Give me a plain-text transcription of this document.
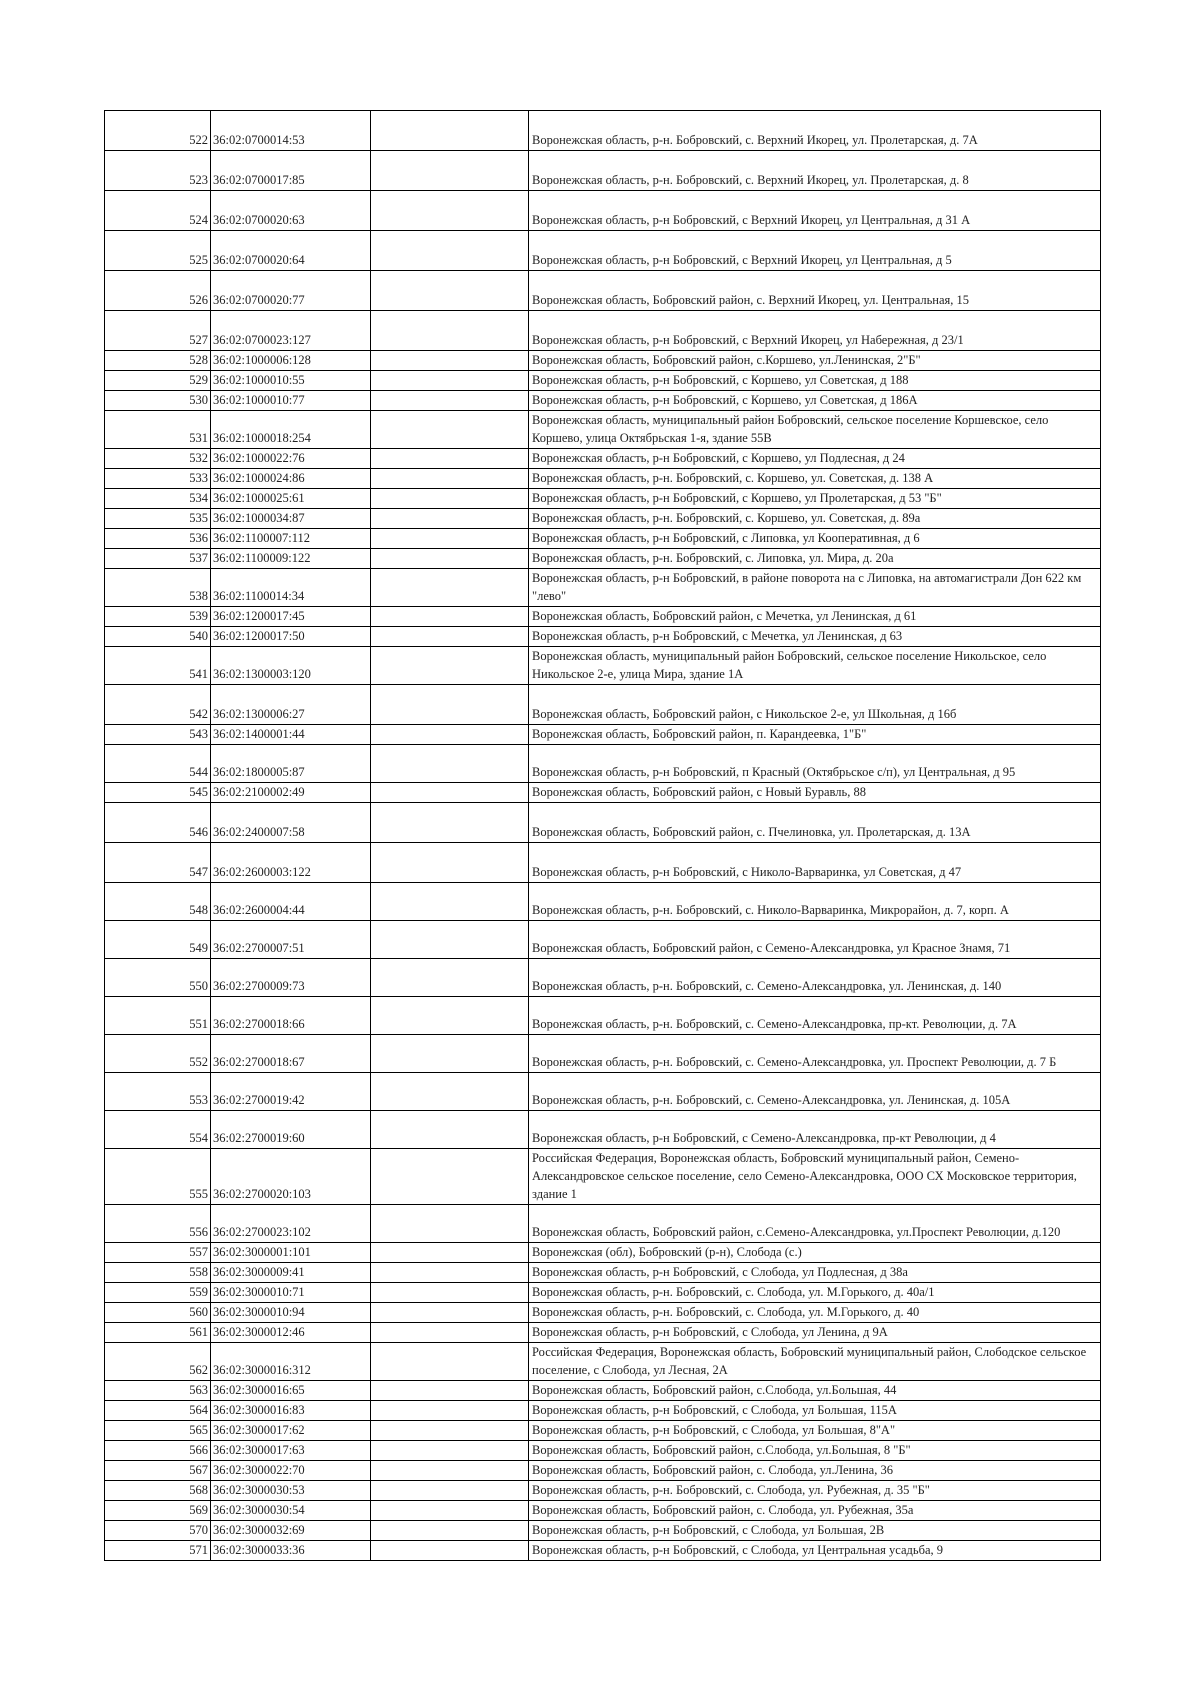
522	36:02:0700014:53		Воронежская область, р-н. Бобровский, с. Верхний Икорец, ул. Пролетарская, д. 7А
523	36:02:0700017:85		Воронежская область, р-н. Бобровский, с. Верхний Икорец, ул. Пролетарская, д. 8
524	36:02:0700020:63		Воронежская область, р-н Бобровский, с Верхний Икорец, ул Центральная, д 31 А
525	36:02:0700020:64		Воронежская область, р-н Бобровский, с Верхний Икорец, ул Центральная, д 5
526	36:02:0700020:77		Воронежская область, Бобровский район, с. Верхний Икорец, ул. Центральная, 15
527	36:02:0700023:127		Воронежская область, р-н Бобровский, с Верхний Икорец, ул Набережная, д 23/1
528	36:02:1000006:128		Воронежская область, Бобровский район, с.Коршево, ул.Ленинская, 2"Б"
529	36:02:1000010:55		Воронежская область, р-н Бобровский, с Коршево, ул Советская, д 188
530	36:02:1000010:77		Воронежская область, р-н Бобровский, с Коршево, ул Советская, д 186А
531	36:02:1000018:254		Воронежская область, муниципальный район Бобровский, сельское поселение Коршевское, село Коршево, улица Октябрьская 1-я, здание 55В
532	36:02:1000022:76		Воронежская область, р-н Бобровский, с Коршево, ул Подлесная, д 24
533	36:02:1000024:86		Воронежская область, р-н. Бобровский, с. Коршево, ул. Советская, д. 138 А
534	36:02:1000025:61		Воронежская область, р-н Бобровский, с Коршево, ул Пролетарская, д 53 "Б"
535	36:02:1000034:87		Воронежская область, р-н. Бобровский, с. Коршево, ул. Советская, д. 89а
536	36:02:1100007:112		Воронежская область, р-н Бобровский, с Липовка, ул Кооперативная, д 6
537	36:02:1100009:122		Воронежская область, р-н. Бобровский, с. Липовка, ул. Мира, д. 20а
538	36:02:1100014:34		Воронежская область, р-н Бобровский, в районе поворота на с Липовка, на автомагистрали Дон 622 км "лево"
539	36:02:1200017:45		Воронежская область, Бобровский район, с Мечетка, ул Ленинская, д 61
540	36:02:1200017:50		Воронежская область, р-н Бобровский, с Мечетка, ул Ленинская, д 63
541	36:02:1300003:120		Воронежская область, муниципальный район Бобровский, сельское поселение Никольское, село Никольское 2-е, улица Мира, здание 1А
542	36:02:1300006:27		Воронежская область, Бобровский район, с Никольское 2-е, ул Школьная, д 16б
543	36:02:1400001:44		Воронежская область, Бобровский район, п. Карандеевка, 1"Б"
544	36:02:1800005:87		Воронежская область, р-н Бобровский, п Красный (Октябрьское с/п), ул Центральная, д 95
545	36:02:2100002:49		Воронежская область, Бобровский район, с Новый Буравль, 88
546	36:02:2400007:58		Воронежская область, Бобровский район, с. Пчелиновка, ул. Пролетарская, д. 13А
547	36:02:2600003:122		Воронежская область, р-н Бобровский, с Николо-Варваринка, ул Советская, д 47
548	36:02:2600004:44		Воронежская область, р-н. Бобровский, с. Николо-Варваринка, Микрорайон, д. 7, корп. А
549	36:02:2700007:51		Воронежская область, Бобровский район, с Семено-Александровка, ул Красное Знамя, 71
550	36:02:2700009:73		Воронежская область, р-н. Бобровский, с. Семено-Александровка, ул. Ленинская, д. 140
551	36:02:2700018:66		Воронежская область, р-н. Бобровский, с. Семено-Александровка, пр-кт. Революции, д. 7А
552	36:02:2700018:67		Воронежская область, р-н. Бобровский, с. Семено-Александровка, ул. Проспект Революции, д. 7 Б
553	36:02:2700019:42		Воронежская область, р-н. Бобровский, с. Семено-Александровка, ул. Ленинская, д. 105А
554	36:02:2700019:60		Воронежская область, р-н Бобровский, с Семено-Александровка, пр-кт Революции, д 4
555	36:02:2700020:103		Российская Федерация, Воронежская область, Бобровский муниципальный район, Семено-Александровское сельское поселение, село Семено-Александровка, ООО СХ Московское территория, здание 1
556	36:02:2700023:102		Воронежская область, Бобровский район, с.Семено-Александровка, ул.Проспект Революции, д.120
557	36:02:3000001:101		Воронежская (обл), Бобровский (р-н), Слобода (с.)
558	36:02:3000009:41		Воронежская область, р-н Бобровский, с Слобода, ул Подлесная, д 38а
559	36:02:3000010:71		Воронежская область, р-н. Бобровский, с. Слобода, ул. М.Горького, д. 40а/1
560	36:02:3000010:94		Воронежская область, р-н. Бобровский, с. Слобода, ул. М.Горького, д. 40
561	36:02:3000012:46		Воронежская область, р-н Бобровский, с Слобода, ул Ленина, д 9А
562	36:02:3000016:312		Российская Федерация, Воронежская область, Бобровский муниципальный район, Слободское сельское поселение, с Слобода, ул Лесная, 2А
563	36:02:3000016:65		Воронежская область, Бобровский район, с.Слобода, ул.Большая, 44
564	36:02:3000016:83		Воронежская область, р-н Бобровский, с Слобода, ул Большая, 115А
565	36:02:3000017:62		Воронежская область, р-н Бобровский, с Слобода, ул Большая, 8"А"
566	36:02:3000017:63		Воронежская область, Бобровский район, с.Слобода, ул.Большая, 8 "Б"
567	36:02:3000022:70		Воронежская область, Бобровский район, с. Слобода, ул.Ленина, 36
568	36:02:3000030:53		Воронежская область, р-н. Бобровский, с. Слобода, ул. Рубежная, д. 35 "Б"
569	36:02:3000030:54		Воронежская область, Бобровский район, с. Слобода, ул. Рубежная, 35а
570	36:02:3000032:69		Воронежская область, р-н Бобровский, с Слобода, ул Большая, 2В
571	36:02:3000033:36		Воронежская область, р-н Бобровский, с Слобода, ул Центральная усадьба, 9
